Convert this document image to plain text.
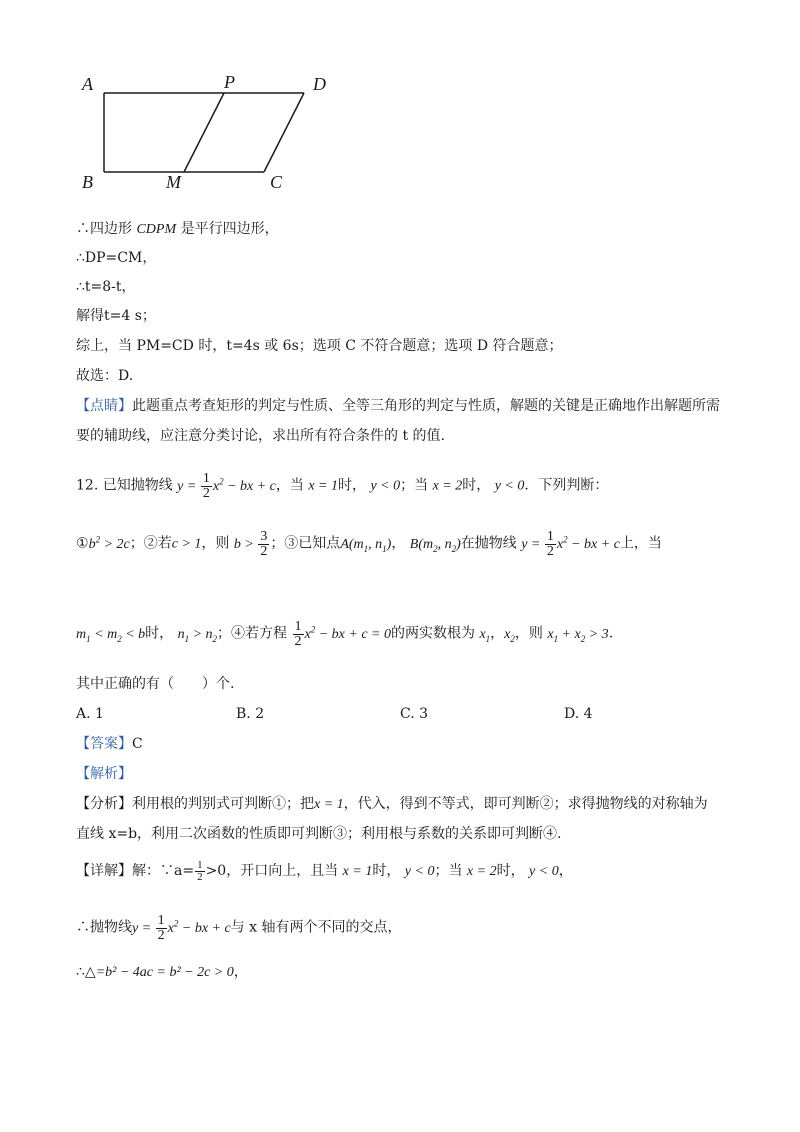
A	P	D
B	M	C
∴四边形 CDPM 是平行四边形，
∴DP=CM，
∴t=8-t，
解得t=4 s；
综上，当 PM=CD 时，t=4s 或 6s；选项 C 不符合题意；选项 D 符合题意；
故选：D.
【点睛】此题重点考查矩形的判定与性质、全等三角形的判定与性质，解题的关键是正确地作出解题所需
要的辅助线，应注意分类讨论，求出所有符合条件的 t 的值.
12. 已知抛物线 $y = \frac{1}{2} x^2$ − bx + c，当 x = 1时， y < 0；当 x = 2时， y < 0．下列判断：
$①b^2 > 2c$；②若c > 1，则 $b > \frac{3}{2}$ ；③已知点$A(m_1$, $n_1$)， $B(m_2$, $n_2$)在抛物线 $y = \frac{1}{2} x^2$ − bx + c上，当
$m_1 < m_2 < b$时， $n_1 > n_2$；④若方程 $\frac{1}{2} x^2$ − bx + c = 0的两实数根为 $x_1$，$x_2$，则 $x_1 + x_2 > 3$.
其中正确的有（　　）个.
A. 1	B. 2	C. 3	D. 4
【答案】C
【解析】
【分析】利用根的判别式可判断①；把x = 1，代入，得到不等式，即可判断②；求得抛物线的对称轴为
直线 x=b，利用二次函数的性质即可判断③；利用根与系数的关系即可判断④.
【详解】解：∵a= $\frac{1}{2} >0$，开口向上，且当 x = 1时， y < 0；当 x = 2时， y < 0，
∴抛物线$y = \frac{1}{2} x^2$ − bx + c与 x 轴有两个不同的交点，
∴△=b² − 4ac = b² − 2c > 0，
